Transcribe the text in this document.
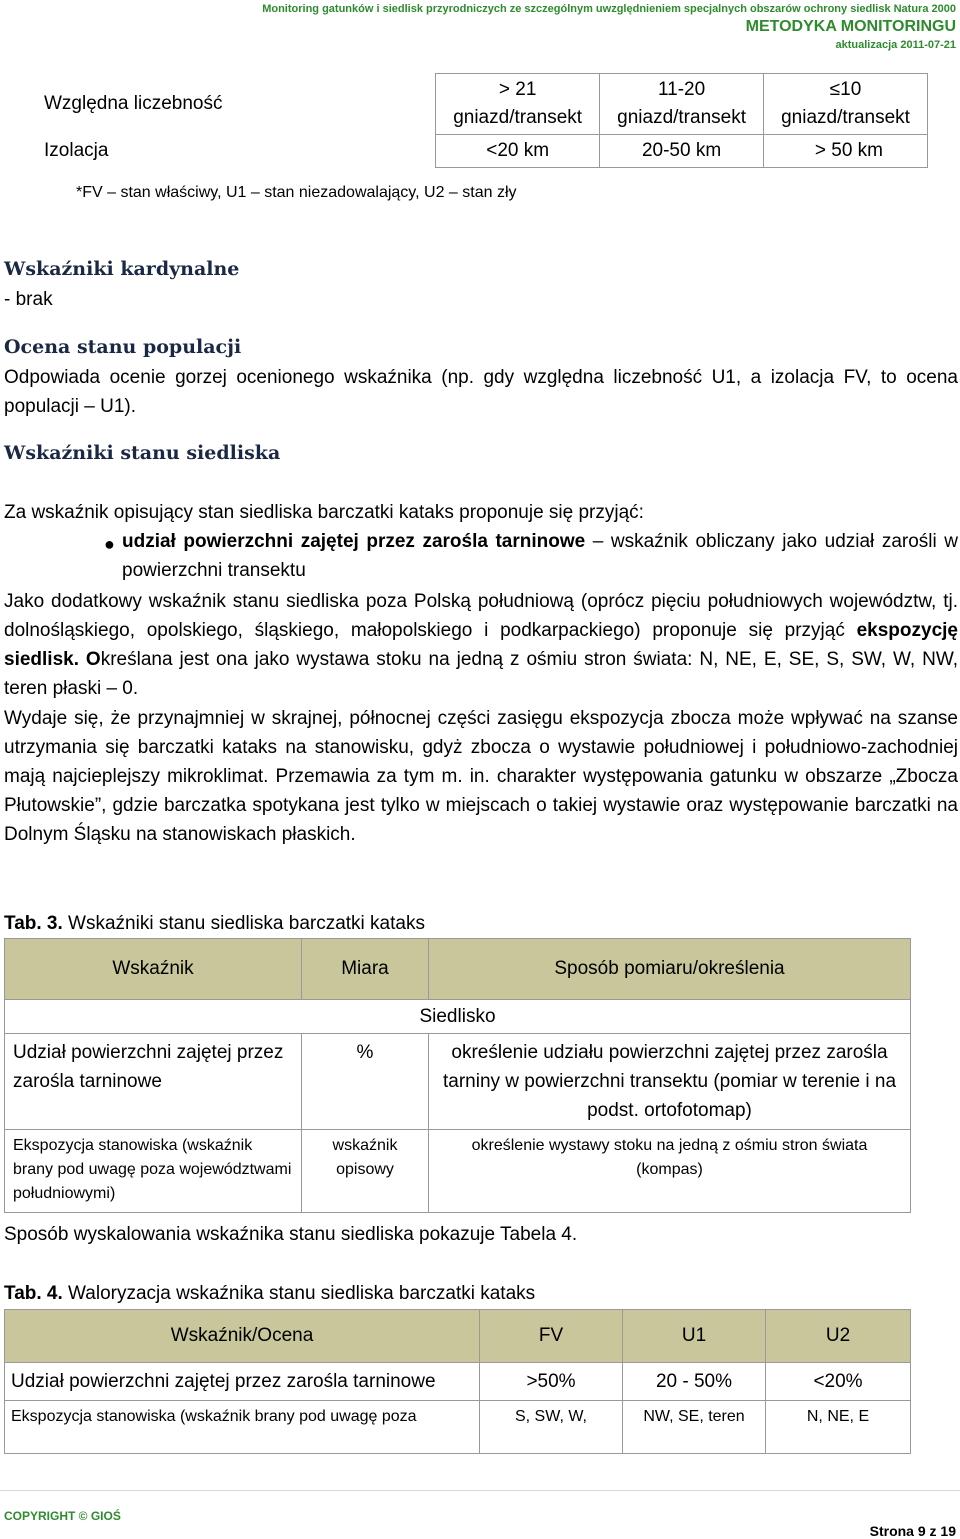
Monitoring gatunków i siedlisk przyrodniczych ze szczególnym uwzględnieniem specjalnych obszarów ochrony siedlisk Natura 2000
METODYKA MONITORINGU
aktualizacja 2011-07-21
Względna liczebność	> 21 gniazd/transekt	11-20 gniazd/transekt	≤10 gniazd/transekt
Izolacja	<20 km	20-50 km	> 50 km
*FV – stan właściwy, U1 – stan niezadowalający, U2 – stan zły
Wskaźniki kardynalne
- brak
Ocena stanu populacji
Odpowiada ocenie gorzej ocenionego wskaźnika (np. gdy względna liczebność U1, a izolacja FV, to ocena populacji – U1).
Wskaźniki stanu siedliska
Za wskaźnik opisujący stan siedliska barczatki kataks proponuje się przyjąć:
● udział powierzchni zajętej przez zarośla tarninowe – wskaźnik obliczany jako udział zarośli w powierzchni transektu
Jako dodatkowy wskaźnik stanu siedliska poza Polską południową (oprócz pięciu południowych województw, tj. dolnośląskiego, opolskiego, śląskiego, małopolskiego i podkarpackiego) proponuje się przyjąć ekspozycję siedlisk. Określana jest ona jako wystawa stoku na jedną z ośmiu stron świata: N, NE, E, SE, S, SW, W, NW, teren płaski – 0.
Wydaje się, że przynajmniej w skrajnej, północnej części zasięgu ekspozycja zbocza może wpływać na szanse utrzymania się barczatki kataks na stanowisku, gdyż zbocza o wystawie południowej i południowo-zachodniej mają najcieplejszy mikroklimat. Przemawia za tym m. in. charakter występowania gatunku w obszarze „Zbocza Płutowskie”, gdzie barczatka spotykana jest tylko w miejscach o takiej wystawie oraz występowanie barczatki na Dolnym Śląsku na stanowiskach płaskich.
Tab. 3. Wskaźniki stanu siedliska barczatki kataks
Wskaźnik	Miara	Sposób pomiaru/określenia
Siedlisko		
Udział powierzchni zajętej przez zarośla tarninowe	%	określenie udziału powierzchni zajętej przez zarośla tarniny w powierzchni transektu (pomiar w terenie i na podst. ortofotomap)
Ekspozycja stanowiska (wskaźnik brany pod uwagę poza województwami południowymi)	wskaźnik opisowy	określenie wystawy stoku na jedną z ośmiu stron świata (kompas)
Sposób wyskalowania wskaźnika stanu siedliska pokazuje Tabela 4.
Tab. 4. Waloryzacja wskaźnika stanu siedliska barczatki kataks
Wskaźnik/Ocena	FV	U1	U2
Udział powierzchni zajętej przez zarośla tarninowe	>50%	20 - 50%	<20%
Ekspozycja stanowiska (wskaźnik brany pod uwagę poza	S, SW, W,	NW, SE, teren	N, NE, E
COPYRIGHT © GIOŚ
Strona 9 z 19
